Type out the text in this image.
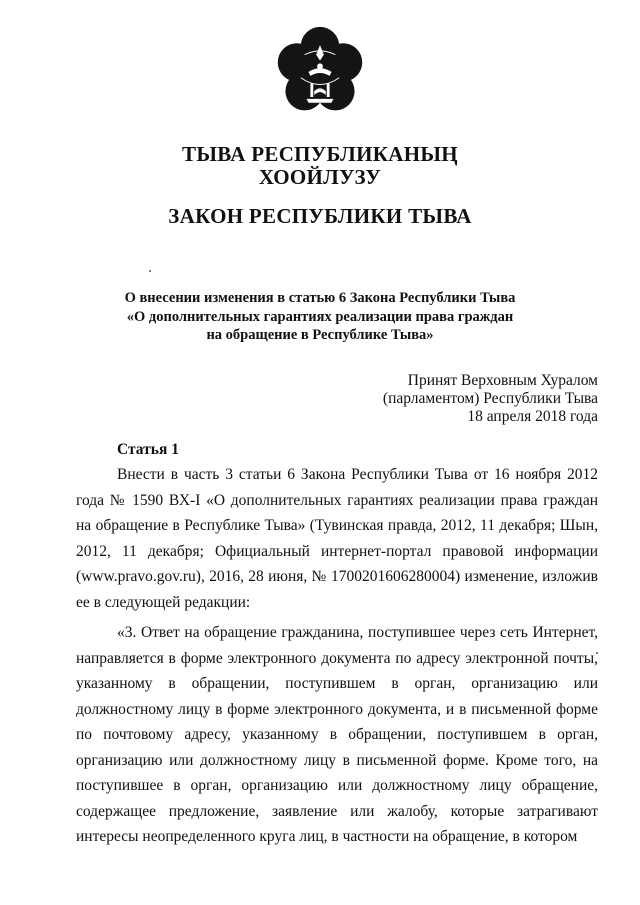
ТЫВА РЕСПУБЛИКАНЫҢ
ХООЙЛУЗУ
ЗАКОН РЕСПУБЛИКИ ТЫВА
О внесении изменения в статью 6 Закона Республики Тыва
«О дополнительных гарантиях реализации права граждан
на обращение в Республике Тыва»
Принят Верховным Хуралом
(парламентом) Республики Тыва
18 апреля 2018 года
Статья 1

Внести в часть 3 статьи 6 Закона Республики Тыва от 16 ноября 2012 года № 1590 ВХ-I «О дополнительных гарантиях реализации права граждан на обращение в Республике Тыва» (Тувинская правда, 2012, 11 декабря; Шын, 2012, 11 декабря; Официальный интернет-портал правовой информации (www.pravo.gov.ru), 2016, 28 июня, № 1700201606280004) изменение, изложив ее в следующей редакции:

«3. Ответ на обращение гражданина, поступившее через сеть Интернет, направляется в форме электронного документа по адресу электронной почты, указанному в обращении, поступившем в орган, организацию или должностному лицу в форме электронного документа, и в письменной форме по почтовому адресу, указанному в обращении, поступившем в орган, организацию или должностному лицу в письменной форме. Кроме того, на поступившее в орган, организацию или должностному лицу обращение, содержащее предложение, заявление или жалобу, которые затрагивают интересы неопределенного круга лиц, в частности на обращение, в котором
